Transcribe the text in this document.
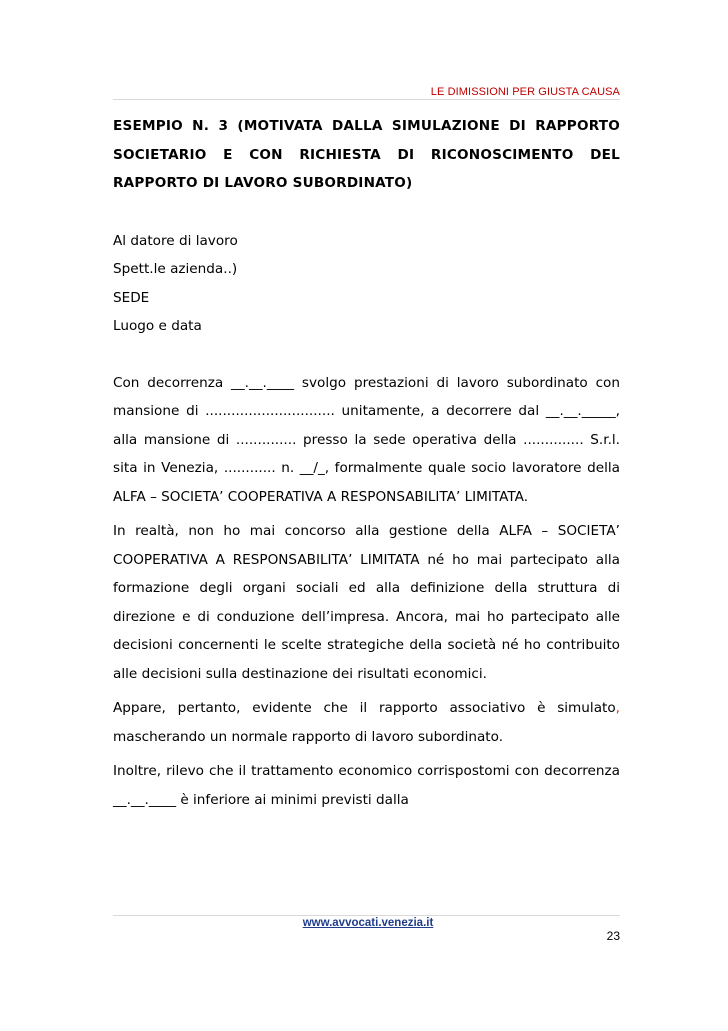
LE DIMISSIONI PER GIUSTA CAUSA

ESEMPIO N. 3 (MOTIVATA DALLA SIMULAZIONE DI RAPPORTO SOCIETARIO E CON RICHIESTA DI RICONOSCIMENTO DEL RAPPORTO DI LAVORO SUBORDINATO)

Al datore di lavoro

Spett.le azienda..)

SEDE

Luogo e data

Con decorrenza __.__.____ svolgo prestazioni di lavoro subordinato con mansione di .............................. unitamente, a decorrere dal __.__._____, alla mansione di .............. presso la sede operativa della .............. S.r.l. sita in Venezia, ............ n. __/_, formalmente quale socio lavoratore della ALFA – SOCIETA’ COOPERATIVA A RESPONSABILITA’ LIMITATA.

In realtà, non ho mai concorso alla gestione della ALFA – SOCIETA’ COOPERATIVA A RESPONSABILITA’ LIMITATA né ho mai partecipato alla formazione degli organi sociali ed alla definizione della struttura di direzione e di conduzione dell’impresa. Ancora, mai ho partecipato alle decisioni concernenti le scelte strategiche della società né ho contribuito alle decisioni sulla destinazione dei risultati economici.

Appare, pertanto, evidente che il rapporto associativo è simulato, mascherando un normale rapporto di lavoro subordinato.

Inoltre, rilevo che il trattamento economico corrispostomi con decorrenza __.__.____ è inferiore ai minimi previsti dalla

www.avvocati.venezia.it
23
